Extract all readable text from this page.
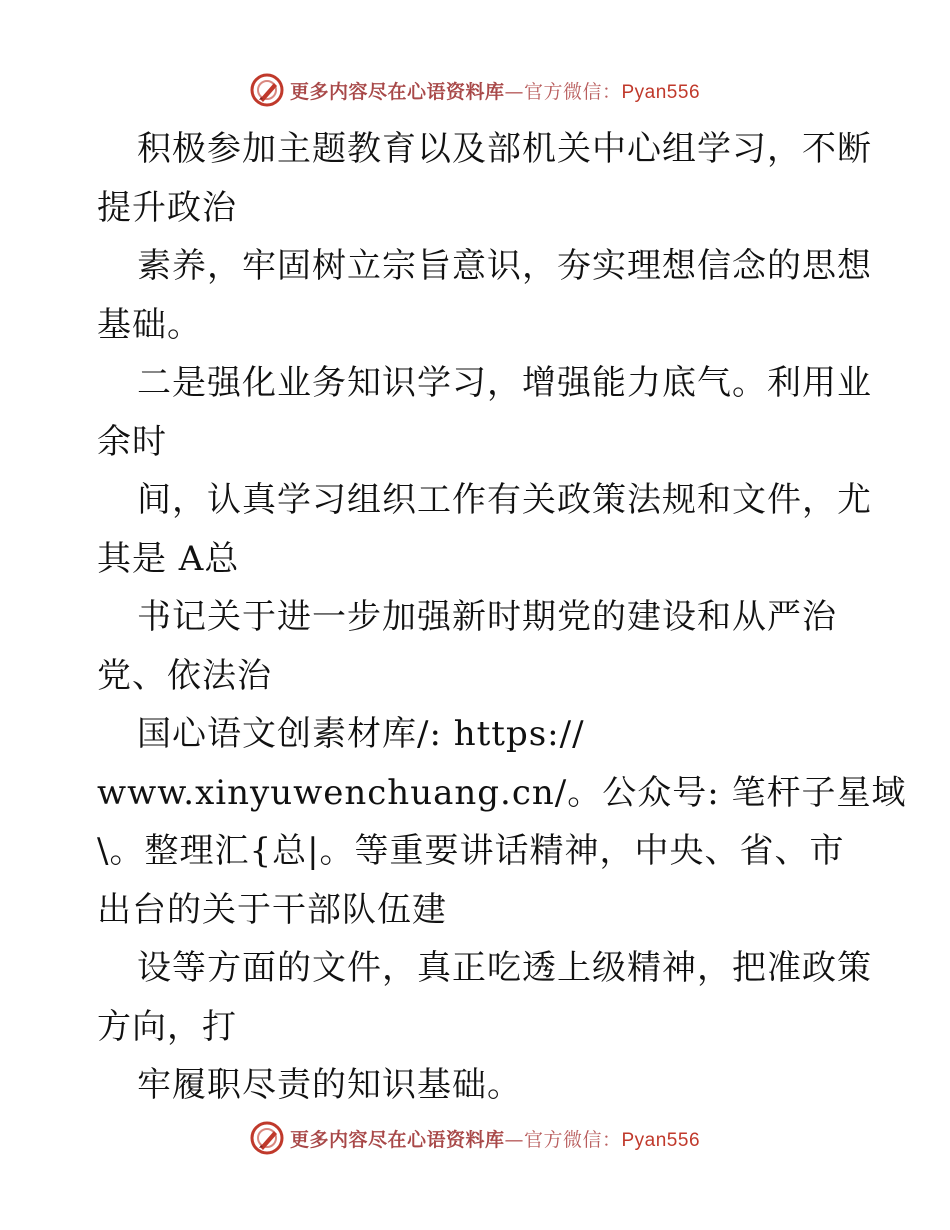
更多内容尽在心语资料库—官方微信：Pyan556
积极参加主题教育以及部机关中心组学习，不断
提升政治
素养，牢固树立宗旨意识，夯实理想信念的思想
基础。
二是强化业务知识学习，增强能力底气。利用业
余时
间，认真学习组织工作有关政策法规和文件，尤
其是 A总
书记关于进一步加强新时期党的建设和从严治
党、依法治
国心语文创素材库/: https://
www.xinyuwenchuang.cn/。公众号: 笔杆子星域
\。整理汇{总|。等重要讲话精神，中央、省、市
出台的关于干部队伍建
设等方面的文件，真正吃透上级精神，把准政策
方向，打
牢履职尽责的知识基础。
更多内容尽在心语资料库—官方微信：Pyan556
